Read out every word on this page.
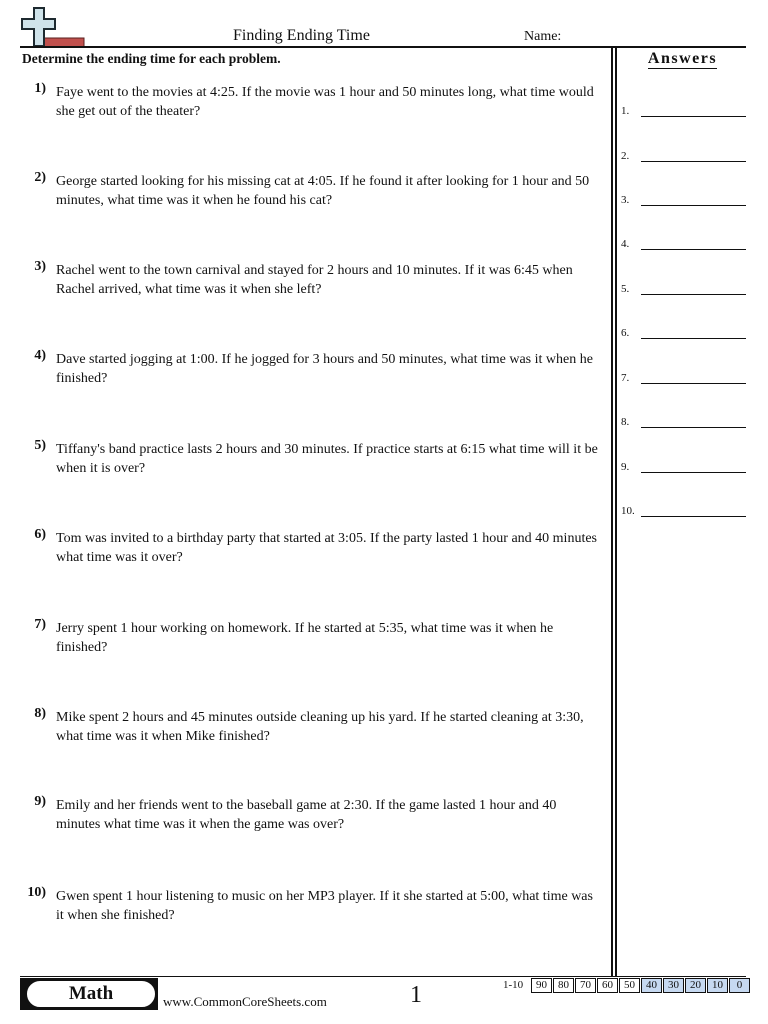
Finding Ending Time	Name:
Determine the ending time for each problem.	Answers
1.
2.
3.
4.
5.
6.
7.
8.
9.
10.
1) Faye went to the movies at 4:25. If the movie was 1 hour and 50 minutes long, what time would she get out of the theater?
2) George started looking for his missing cat at 4:05. If he found it after looking for 1 hour and 50 minutes, what time was it when he found his cat?
3) Rachel went to the town carnival and stayed for 2 hours and 10 minutes. If it was 6:45 when Rachel arrived, what time was it when she left?
4) Dave started jogging at 1:00. If he jogged for 3 hours and 50 minutes, what time was it when he finished?
5) Tiffany's band practice lasts 2 hours and 30 minutes. If practice starts at 6:15 what time will it be when it is over?
6) Tom was invited to a birthday party that started at 3:05. If the party lasted 1 hour and 40 minutes what time was it over?
7) Jerry spent 1 hour working on homework. If he started at 5:35, what time was it when he finished?
8) Mike spent 2 hours and 45 minutes outside cleaning up his yard. If he started cleaning at 3:30, what time was it when Mike finished?
9) Emily and her friends went to the baseball game at 2:30. If the game lasted 1 hour and 40 minutes what time was it when the game was over?
10) Gwen spent 1 hour listening to music on her MP3 player. If it she started at 5:00, what time was it when she finished?
Math	www.CommonCoreSheets.com	1	1-10	90	80	70	60	50	40	30	20	10	0
